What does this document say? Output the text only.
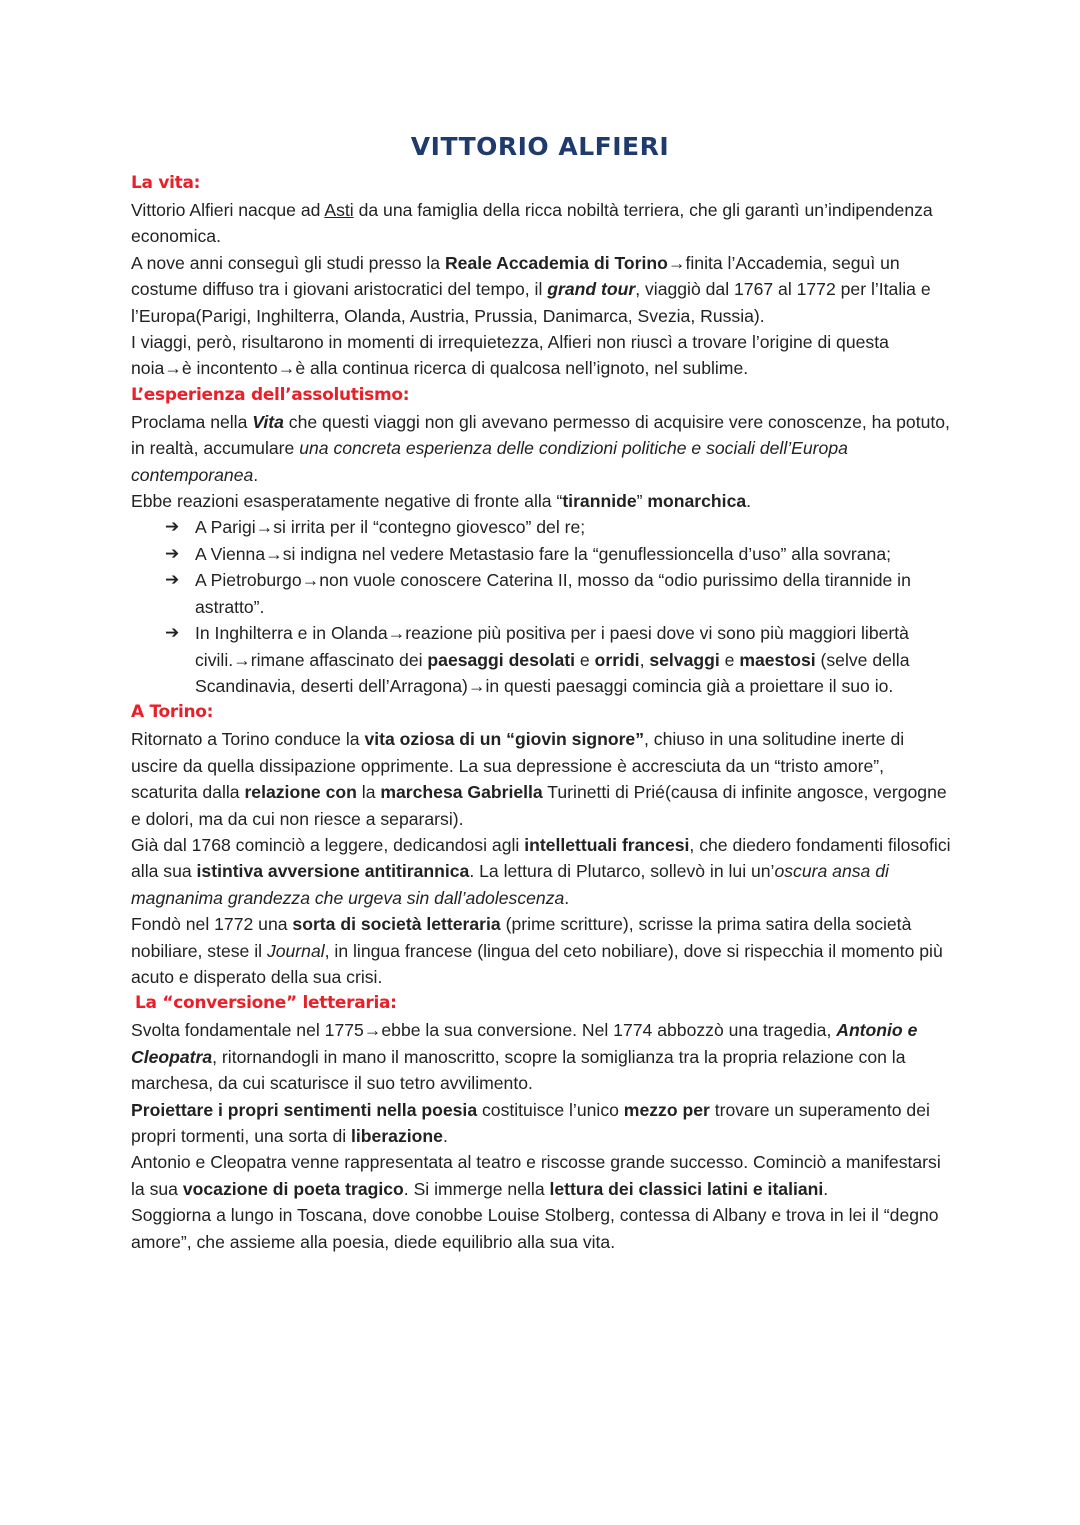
VITTORIO ALFIERI
La vita:

Vittorio Alfieri nacque ad Asti da una famiglia della ricca nobiltà terriera, che gli garantì un’indipendenza economica.

A nove anni conseguì gli studi presso la Reale Accademia di Torino→finita l’Accademia, seguì un costume diffuso tra i giovani aristocratici del tempo, il grand tour, viaggiò dal 1767 al 1772 per l’Italia e l’Europa(Parigi, Inghilterra, Olanda, Austria, Prussia, Danimarca, Svezia, Russia).

I viaggi, però, risultarono in momenti di irrequietezza, Alfieri non riuscì a trovare l’origine di questa noia→è incontento→è alla continua ricerca di qualcosa nell’ignoto, nel sublime.

L’esperienza dell’assolutismo:

Proclama nella Vita che questi viaggi non gli avevano permesso di acquisire vere conoscenze, ha potuto, in realtà, accumulare una concreta esperienza delle condizioni politiche e sociali dell’Europa contemporanea.

Ebbe reazioni esasperatamente negative di fronte alla “tirannide” monarchica.

➔ A Parigi→si irrita per il “contegno giovesco” del re;
➔ A Vienna→si indigna nel vedere Metastasio fare la “genuflessioncella d’uso” alla sovrana;
➔ A Pietroburgo→non vuole conoscere Caterina II, mosso da “odio purissimo della tirannide in astratto”.
➔ In Inghilterra e in Olanda→reazione più positiva per i paesi dove vi sono più maggiori libertà civili.→rimane affascinato dei paesaggi desolati e orridi, selvaggi e maestosi (selve della Scandinavia, deserti dell’Arragona)→in questi paesaggi comincia già a proiettare il suo io.
A Torino:

Ritornato a Torino conduce la vita oziosa di un “giovin signore”, chiuso in una solitudine inerte di uscire da quella dissipazione opprimente. La sua depressione è accresciuta da un “tristo amore”, scaturita dalla relazione con la marchesa Gabriella Turinetti di Prié(causa di infinite angosce, vergogne e dolori, ma da cui non riesce a separarsi).

Già dal 1768 cominciò a leggere, dedicandosi agli intellettuali francesi, che diedero fondamenti filosofici alla sua istintiva avversione antitirannica. La lettura di Plutarco, sollevò in lui un’oscura ansa di magnanima grandezza che urgeva sin dall’adolescenza.

Fondò nel 1772 una sorta di società letteraria (prime scritture), scrisse la prima satira della società nobiliare, stese il Journal, in lingua francese (lingua del ceto nobiliare), dove si rispecchia il momento più acuto e disperato della sua crisi.

La “conversione” letteraria:

Svolta fondamentale nel 1775→ebbe la sua conversione. Nel 1774 abbozzò una tragedia, Antonio e Cleopatra, ritornandogli in mano il manoscritto, scopre la somiglianza tra la propria relazione con la marchesa, da cui scaturisce il suo tetro avvilimento.

Proiettare i propri sentimenti nella poesia costituisce l’unico mezzo per trovare un superamento dei propri tormenti, una sorta di liberazione.

Antonio e Cleopatra venne rappresentata al teatro e riscosse grande successo. Cominciò a manifestarsi la sua vocazione di poeta tragico. Si immerge nella lettura dei classici latini e italiani.

Soggiorna a lungo in Toscana, dove conobbe Louise Stolberg, contessa di Albany e trova in lei il “degno amore”, che assieme alla poesia, diede equilibrio alla sua vita.
